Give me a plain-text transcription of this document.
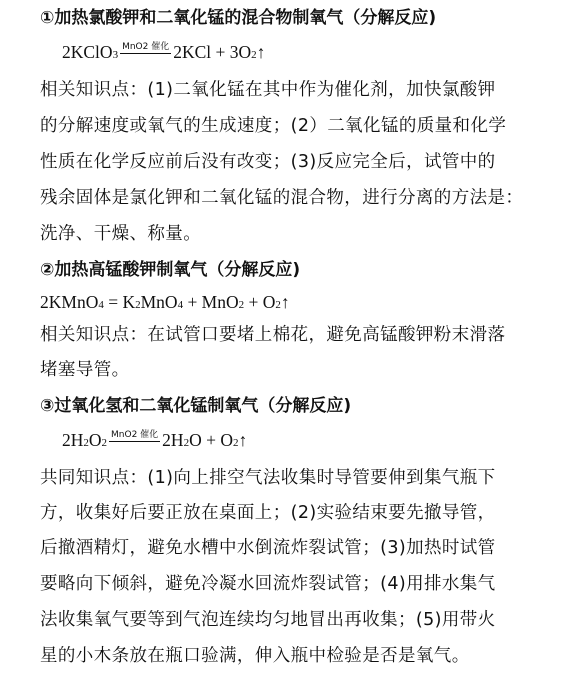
①加热氯酸钾和二氧化锰的混合物制氧气（分解反应)
2KClO 3
MnO2 催化 2KCl + 3O 2 ↑
相关知识点：(1)二氧化锰在其中作为催化剂，加快氯酸钾
的分解速度或氧气的生成速度；(2）二氧化锰的质量和化学
性质在化学反应前后没有改变；(3)反应完全后，试管中的
残余固体是氯化钾和二氧化锰的混合物，进行分离的方法是：
洗净、干燥、称量。
②加热高锰酸钾制氧气（分解反应)
2KMnO 4 = K 2 MnO 4 + MnO 2 + O 2 ↑
相关知识点：在试管口要堵上棉花，避免高锰酸钾粉末滑落
堵塞导管。
③过氧化氢和二氧化锰制氧气（分解反应)
2H 2 O 2
MnO2 催化 2H 2 O + O 2 ↑
共同知识点：(1)向上排空气法收集时导管要伸到集气瓶下
方，收集好后要正放在桌面上；(2)实验结束要先撤导管，
后撤酒精灯，避免水槽中水倒流炸裂试管；(3)加热时试管
要略向下倾斜，避免冷凝水回流炸裂试管；(4)用排水集气
法收集氧气要等到气泡连续均匀地冒出再收集；(5)用带火
星的小木条放在瓶口验满，伸入瓶中检验是否是氧气。
